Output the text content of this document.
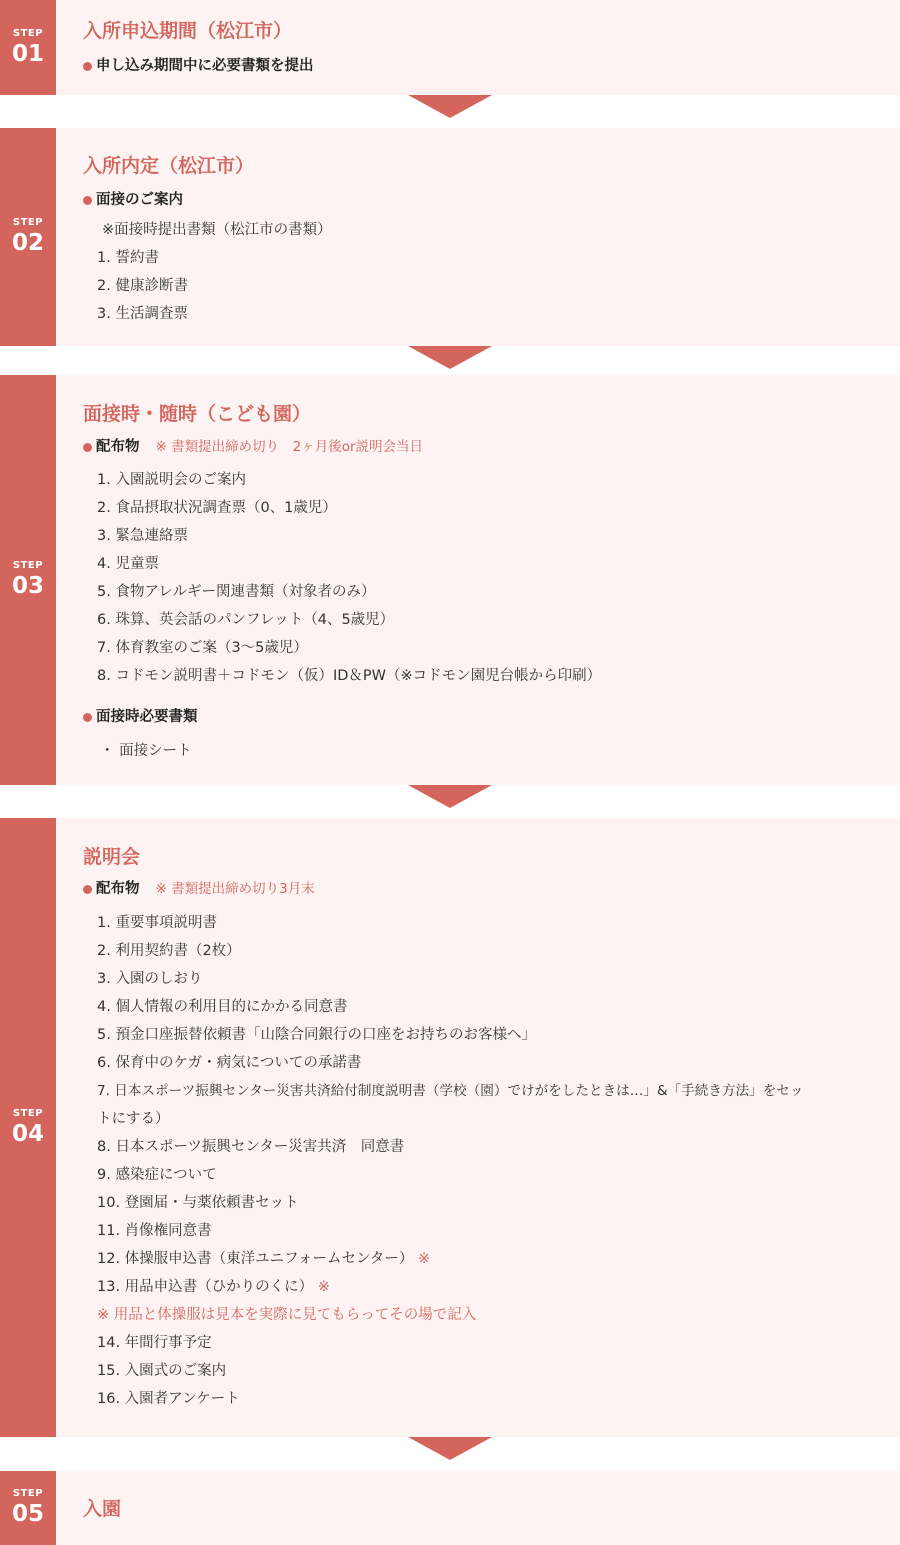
STEP
01
入所申込期間（松江市）
申し込み期間中に必要書類を提出
STEP
02
入所内定（松江市）
面接のご案内
※面接時提出書類（松江市の書類）
1. 誓約書
2. 健康診断書
3. 生活調査票
STEP
03
面接時・随時（こども園）
配布物 ※ 書類提出締め切り　2ヶ月後or説明会当日
1. 入園説明会のご案内
2. 食品摂取状況調査票（0、1歳児）
3. 緊急連絡票
4. 児童票
5. 食物アレルギー関連書類（対象者のみ）
6. 珠算、英会話のパンフレット（4、5歳児）
7. 体育教室のご案（3〜5歳児）
8. コドモン説明書＋コドモン（仮）ID＆PW（※コドモン園児台帳から印刷）
面接時必要書類
・ 面接シート
STEP
04
説明会
配布物 ※ 書類提出締め切り3月末
1. 重要事項説明書
2. 利用契約書（2枚）
3. 入園のしおり
4. 個人情報の利用目的にかかる同意書
5. 預金口座振替依頼書「山陰合同銀行の口座をお持ちのお客様へ」
6. 保育中のケガ・病気についての承諾書
7. 日本スポーツ振興センター災害共済給付制度説明書（学校（園）でけがをしたときは…」&「手続き方法」をセッ
トにする）
8. 日本スポーツ振興センター災害共済　同意書
9. 感染症について
10. 登園届・与薬依頼書セット
11. 肖像権同意書
12. 体操服申込書（東洋ユニフォームセンター） ※
13. 用品申込書（ひかりのくに） ※
※ 用品と体操服は見本を実際に見てもらってその場で記入
14. 年間行事予定
15. 入園式のご案内
16. 入園者アンケート
STEP
05 入園
